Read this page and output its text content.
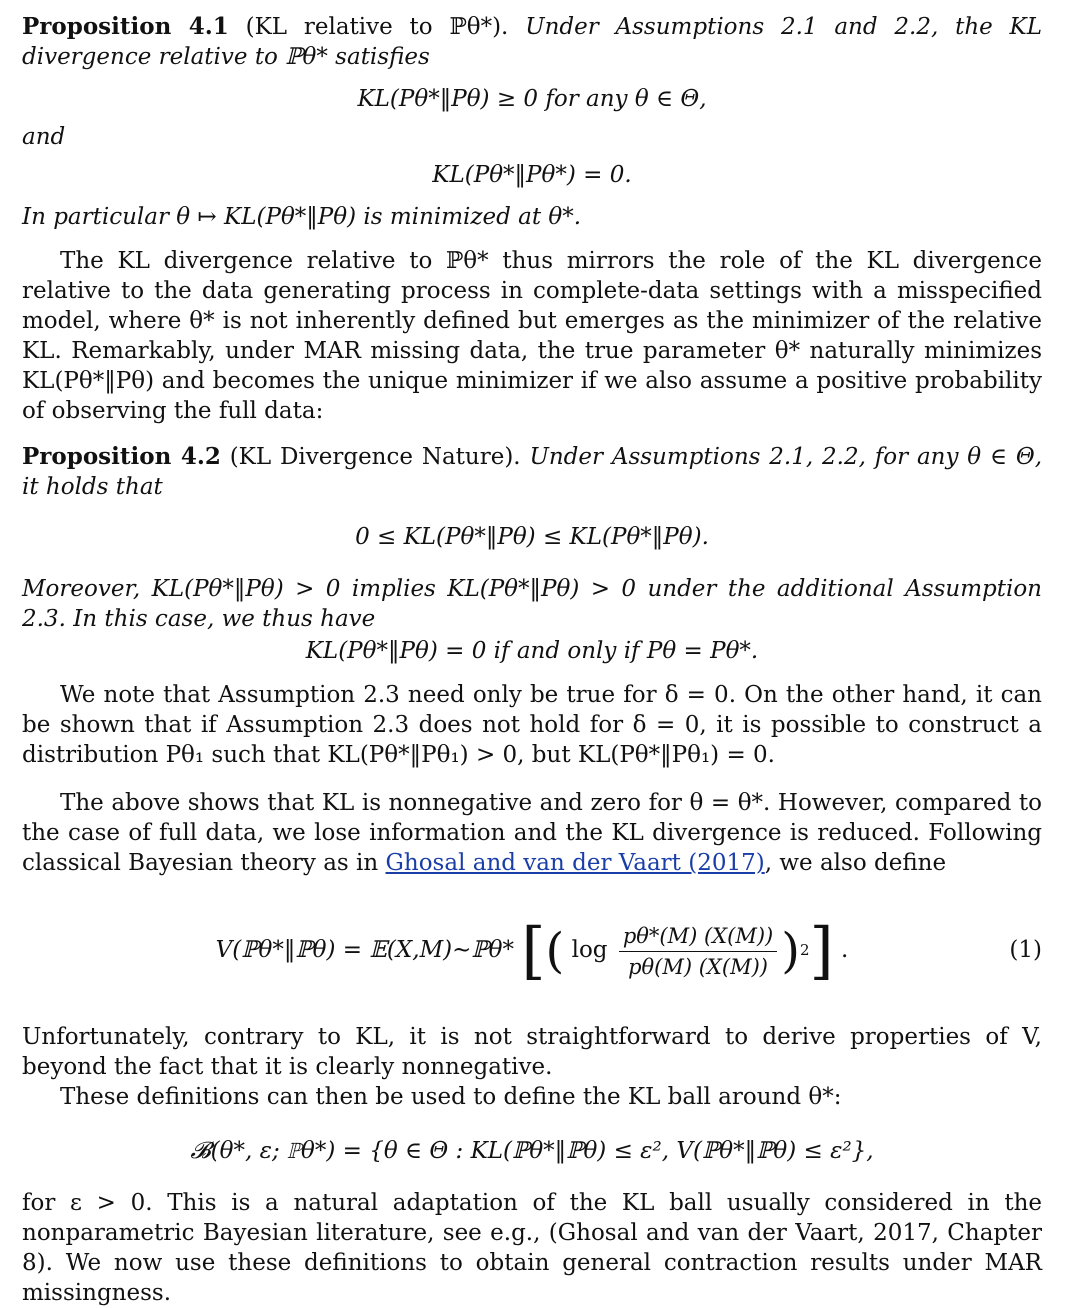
Proposition 4.1 (KL relative to ℙθ*). Under Assumptions 2.1 and 2.2, the KL divergence relative to ℙθ* satisfies

KL(Pθ*‖Pθ) ≥ 0 for any θ ∈ Θ,

and

KL(Pθ*‖Pθ*) = 0.

In particular θ ↦ KL(Pθ*‖Pθ) is minimized at θ*.

The KL divergence relative to ℙθ* thus mirrors the role of the KL divergence relative to the data generating process in complete-data settings with a misspecified model, where θ* is not inherently defined but emerges as the minimizer of the relative KL. Remarkably, under MAR missing data, the true parameter θ* naturally minimizes KL(Pθ*‖Pθ) and becomes the unique minimizer if we also assume a positive probability of observing the full data:

Proposition 4.2 (KL Divergence Nature). Under Assumptions 2.1, 2.2, for any θ ∈ Θ, it holds that

0 ≤ KL(Pθ*‖Pθ) ≤ KL(Pθ*‖Pθ).

Moreover, KL(Pθ*‖Pθ) > 0 implies KL(Pθ*‖Pθ) > 0 under the additional Assumption 2.3. In this case, we thus have

KL(Pθ*‖Pθ) = 0 if and only if Pθ = Pθ*.

We note that Assumption 2.3 need only be true for δ = 0. On the other hand, it can be shown that if Assumption 2.3 does not hold for δ = 0, it is possible to construct a distribution Pθ₁ such that KL(Pθ*‖Pθ₁) > 0, but KL(Pθ*‖Pθ₁) = 0.

The above shows that KL is nonnegative and zero for θ = θ*. However, compared to the case of full data, we lose information and the KL divergence is reduced. Following classical Bayesian theory as in Ghosal and van der Vaart (2017), we also define

V(ℙθ*‖ℙθ) = 𝔼(X,M)∼ℙθ* [( $\log \frac{p\theta*(M) (X(M))}{p\theta(M) (X(M))} )^2$] .	(1)

Unfortunately, contrary to KL, it is not straightforward to derive properties of V, beyond the fact that it is clearly nonnegative.

These definitions can then be used to define the KL ball around θ*:

𝓑(θ*, ε; ℙθ*) = {θ ∈ Θ : KL(ℙθ*‖ℙθ) ≤ ε², V(ℙθ*‖ℙθ) ≤ ε²},

for ε > 0. This is a natural adaptation of the KL ball usually considered in the nonparametric Bayesian literature, see e.g., (Ghosal and van der Vaart, 2017, Chapter 8). We now use these definitions to obtain general contraction results under MAR missingness.
